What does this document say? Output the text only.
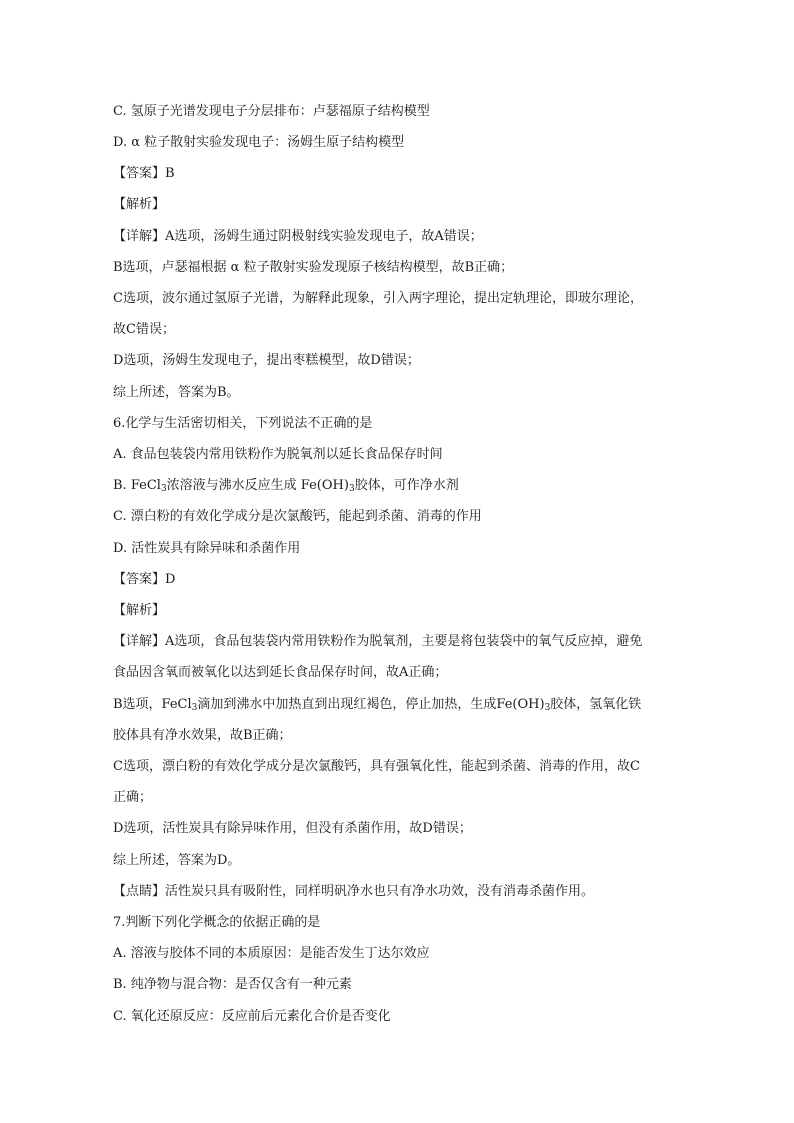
C. 氢原子光谱发现电子分层排布：卢瑟福原子结构模型
D. α 粒子散射实验发现电子：汤姆生原子结构模型
【答案】B
【解析】
【详解】A选项，汤姆生通过阴极射线实验发现电子，故A错误；
B选项，卢瑟福根据 α 粒子散射实验发现原子核结构模型，故B正确；
C选项，波尔通过氢原子光谱，为解释此现象，引入两字理论，提出定轨理论，即玻尔理论，
故C错误；
D选项，汤姆生发现电子，提出枣糕模型，故D错误；
综上所述，答案为B。
6.化学与生活密切相关，下列说法不正确的是
A. 食品包装袋内常用铁粉作为脱氧剂以延长食品保存时间
B. FeCl$_3$浓溶液与沸水反应生成 $Fe(OH)_3$胶体，可作净水剂
C. 漂白粉的有效化学成分是次氯酸钙，能起到杀菌、消毒的作用
D. 活性炭具有除异味和杀菌作用
【答案】D
【解析】
【详解】A选项，食品包装袋内常用铁粉作为脱氧剂，主要是将包装袋中的氧气反应掉，避免
食品因含氧而被氧化以达到延长食品保存时间，故A正确；
B选项，FeCl$_3$滴加到沸水中加热直到出现红褐色，停止加热，生成$Fe(OH)_3$胶体，氢氧化铁
胶体具有净水效果，故B正确；
C选项，漂白粉的有效化学成分是次氯酸钙，具有强氧化性，能起到杀菌、消毒的作用，故C
正确；
D选项，活性炭具有除异味作用，但没有杀菌作用，故D错误；
综上所述，答案为D。
【点睛】活性炭只具有吸附性，同样明矾净水也只有净水功效，没有消毒杀菌作用。
7.判断下列化学概念的依据正确的是
A. 溶液与胶体不同的本质原因：是能否发生丁达尔效应
B. 纯净物与混合物：是否仅含有一种元素
C. 氧化还原反应：反应前后元素化合价是否变化
